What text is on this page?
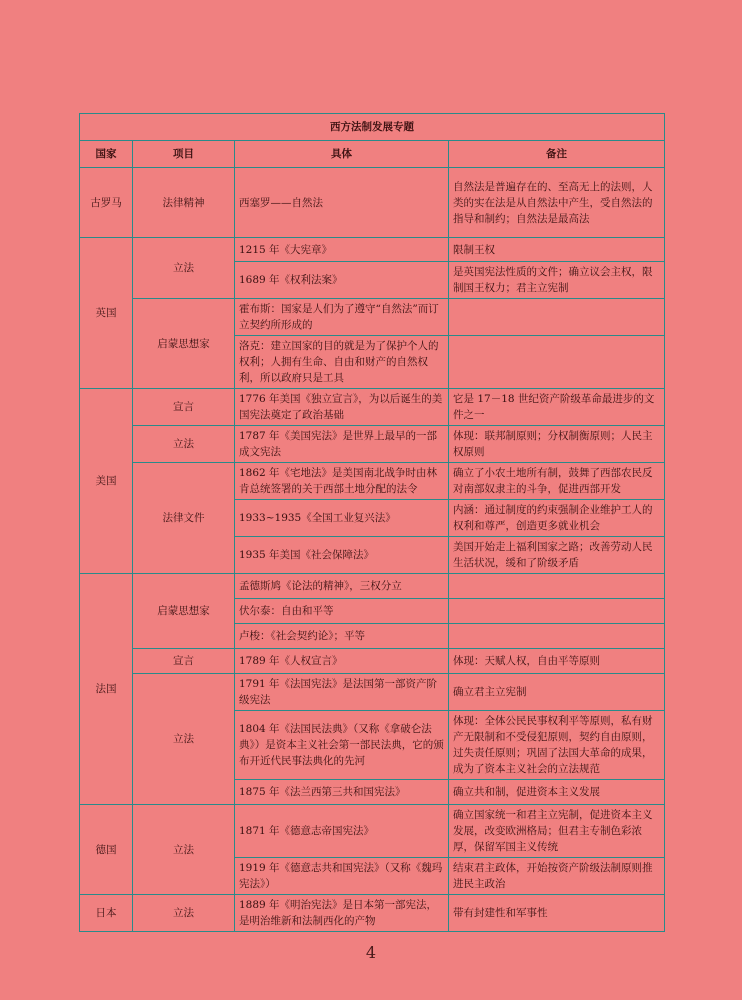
西方法制发展专题			
国家	项目	具体	备注
古罗马	法律精神	西塞罗——自然法	自然法是普遍存在的、至高无上的法则，人类的实在法是从自然法中产生，受自然法的指导和制约；自然法是最高法
英国	立法	1215 年《大宪章》	限制王权
		1689 年《权利法案》	是英国宪法性质的文件；确立议会主权，限制国王权力；君主立宪制
	启蒙思想家	霍布斯：国家是人们为了遵守“自然法”而订立契约所形成的	
		洛克：建立国家的目的就是为了保护个人的权利；人拥有生命、自由和财产的自然权利，所以政府只是工具	
美国	宣言	1776 年美国《独立宣言》，为以后诞生的美国宪法奠定了政治基础	它是 17－18 世纪资产阶级革命最进步的文件之一
	立法	1787 年《美国宪法》是世界上最早的一部成文宪法	体现：联邦制原则；分权制衡原则；人民主权原则
	法律文件	1862 年《宅地法》是美国南北战争时由林肯总统签署的关于西部土地分配的法令	确立了小农土地所有制，鼓舞了西部农民反对南部奴隶主的斗争，促进西部开发
		1933~1935《全国工业复兴法》	内涵：通过制度的约束强制企业维护工人的权利和尊严，创造更多就业机会
		1935 年美国《社会保障法》	美国开始走上福利国家之路；改善劳动人民生活状况，缓和了阶级矛盾
法国	启蒙思想家	孟德斯鸠《论法的精神》，三权分立	
		伏尔泰：自由和平等	
		卢梭：《社会契约论》；平等	
	宣言	1789 年《人权宣言》	体现：天赋人权，自由平等原则
	立法	1791 年《法国宪法》是法国第一部资产阶级宪法	确立君主立宪制
		1804 年《法国民法典》（又称《拿破仑法典》）是资本主义社会第一部民法典，它的颁布开近代民事法典化的先河	体现：全体公民民事权利平等原则，私有财产无限制和不受侵犯原则，契约自由原则，过失责任原则；巩固了法国大革命的成果，成为了资本主义社会的立法规范
		1875 年《法兰西第三共和国宪法》	确立共和制，促进资本主义发展
德国	立法	1871 年《德意志帝国宪法》	确立国家统一和君主立宪制，促进资本主义发展，改变欧洲格局；但君主专制色彩浓厚，保留军国主义传统
		1919 年《德意志共和国宪法》（又称《魏玛宪法》）	结束君主政体，开始按资产阶级法制原则推进民主政治
日本	立法	1889 年《明治宪法》是日本第一部宪法，是明治维新和法制西化的产物	带有封建性和军事性
4
